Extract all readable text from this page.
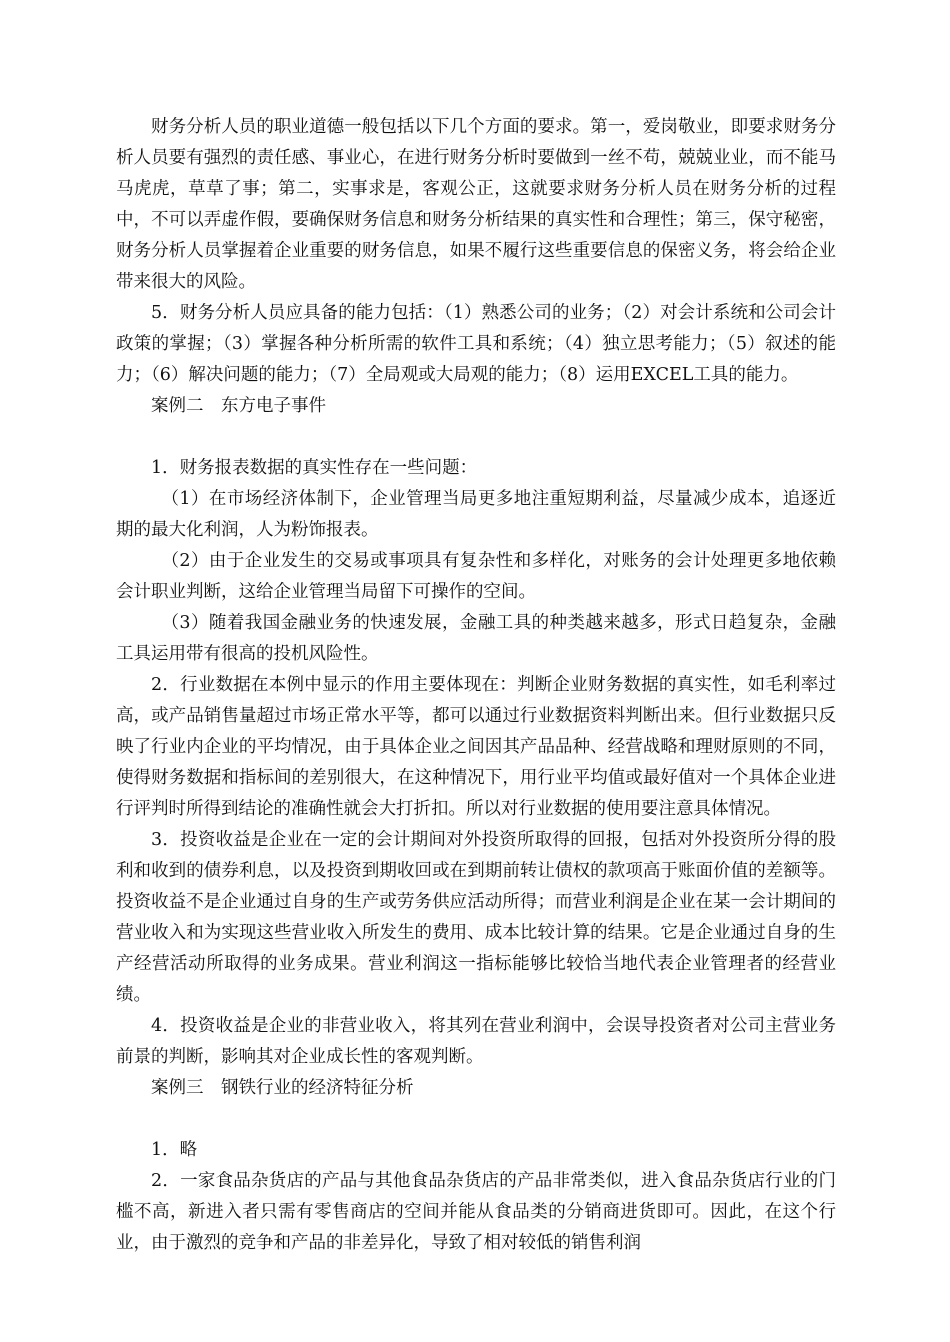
财务分析人员的职业道德一般包括以下几个方面的要求。第一，爱岗敬业，即要求财务分析人员要有强烈的责任感、事业心，在进行财务分析时要做到一丝不苟，兢兢业业，而不能马马虎虎，草草了事；第二，实事求是，客观公正，这就要求财务分析人员在财务分析的过程中，不可以弄虚作假，要确保财务信息和财务分析结果的真实性和合理性；第三，保守秘密，财务分析人员掌握着企业重要的财务信息，如果不履行这些重要信息的保密义务，将会给企业带来很大的风险。

5．财务分析人员应具备的能力包括：（1）熟悉公司的业务；（2）对会计系统和公司会计政策的掌握；（3）掌握各种分析所需的软件工具和系统；（4）独立思考能力；（5）叙述的能力；（6）解决问题的能力；（7）全局观或大局观的能力；（8）运用EXCEL工具的能力。

案例二　东方电子事件

1．财务报表数据的真实性存在一些问题：

（1）在市场经济体制下，企业管理当局更多地注重短期利益，尽量减少成本，追逐近期的最大化利润，人为粉饰报表。

（2）由于企业发生的交易或事项具有复杂性和多样化，对账务的会计处理更多地依赖会计职业判断，这给企业管理当局留下可操作的空间。

（3）随着我国金融业务的快速发展，金融工具的种类越来越多，形式日趋复杂，金融工具运用带有很高的投机风险性。

2．行业数据在本例中显示的作用主要体现在：判断企业财务数据的真实性，如毛利率过高，或产品销售量超过市场正常水平等，都可以通过行业数据资料判断出来。但行业数据只反映了行业内企业的平均情况，由于具体企业之间因其产品品种、经营战略和理财原则的不同，使得财务数据和指标间的差别很大，在这种情况下，用行业平均值或最好值对一个具体企业进行评判时所得到结论的准确性就会大打折扣。所以对行业数据的使用要注意具体情况。

3．投资收益是企业在一定的会计期间对外投资所取得的回报，包括对外投资所分得的股利和收到的债券利息，以及投资到期收回或在到期前转让债权的款项高于账面价值的差额等。投资收益不是企业通过自身的生产或劳务供应活动所得；而营业利润是企业在某一会计期间的营业收入和为实现这些营业收入所发生的费用、成本比较计算的结果。它是企业通过自身的生产经营活动所取得的业务成果。营业利润这一指标能够比较恰当地代表企业管理者的经营业绩。

4．投资收益是企业的非营业收入，将其列在营业利润中，会误导投资者对公司主营业务前景的判断，影响其对企业成长性的客观判断。

案例三　钢铁行业的经济特征分析

1．略

2．一家食品杂货店的产品与其他食品杂货店的产品非常类似，进入食品杂货店行业的门槛不高，新进入者只需有零售商店的空间并能从食品类的分销商进货即可。因此，在这个行业，由于激烈的竞争和产品的非差异化，导致了相对较低的销售利润
